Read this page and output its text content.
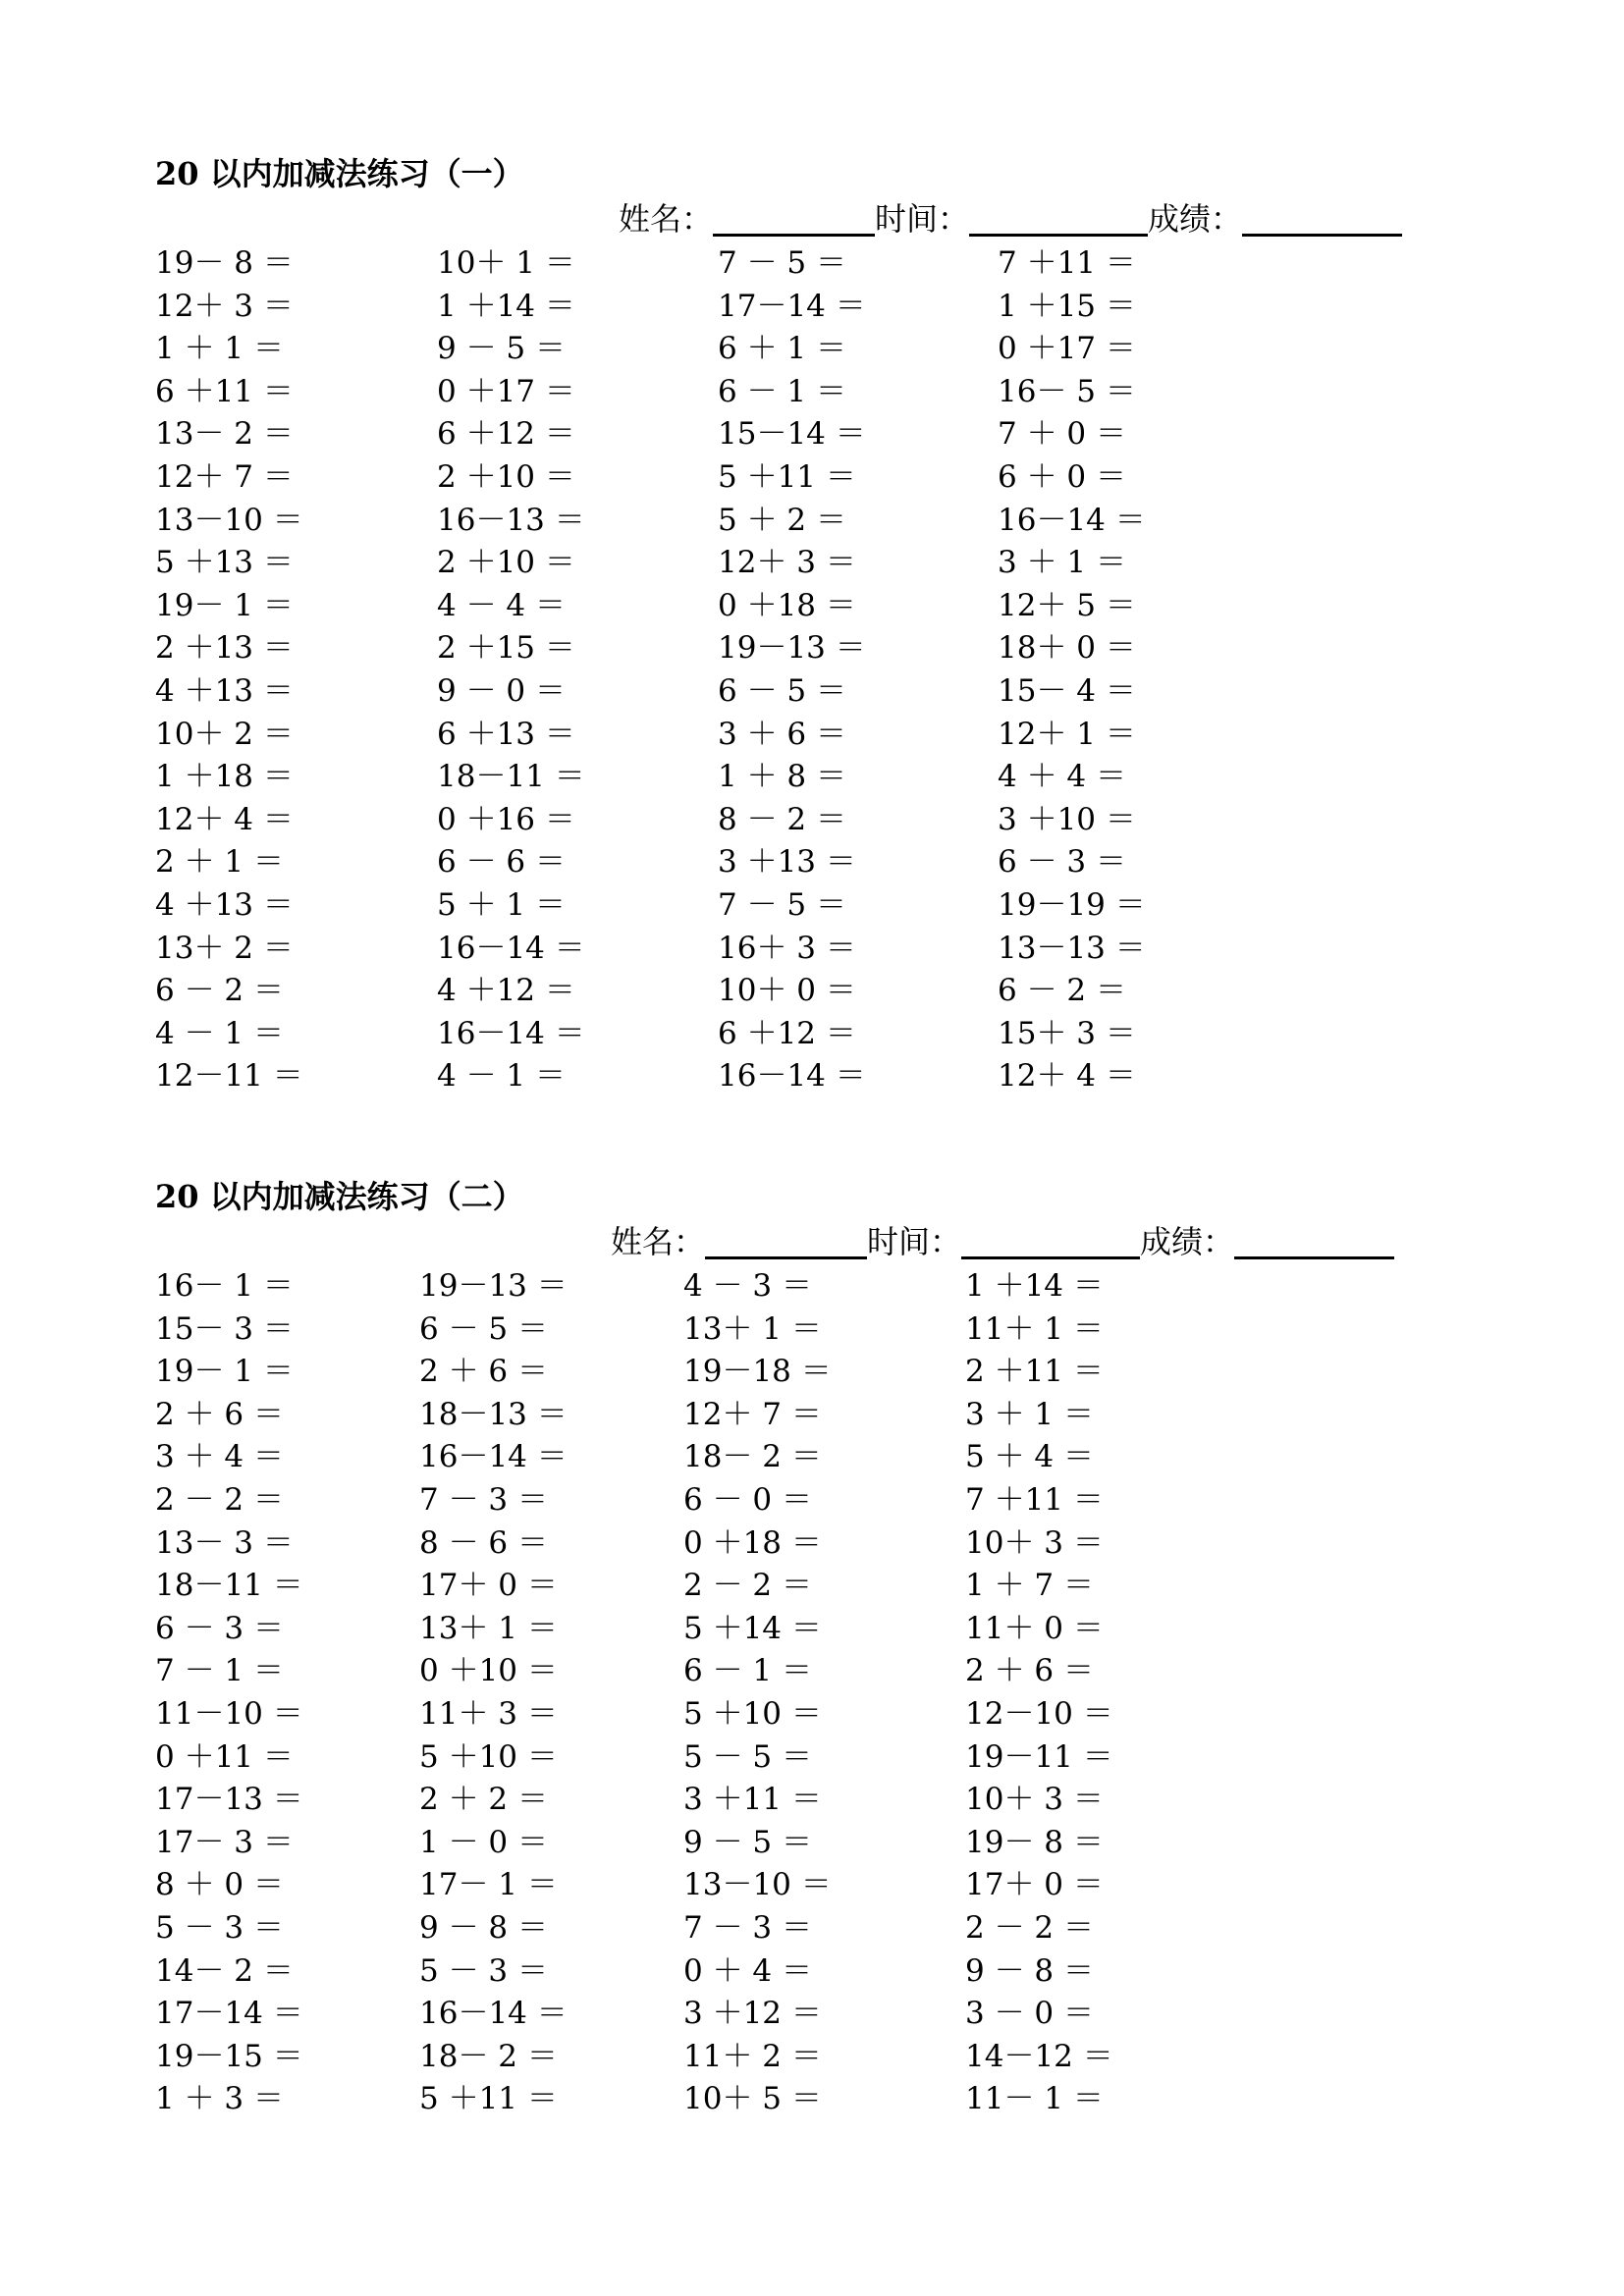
20 以内加减法练习（一）
姓名：	时间：	成绩：
19－ 8 ＝	10＋ 1 ＝	7 － 5 ＝	7 ＋11 ＝
12＋ 3 ＝	1 ＋14 ＝	17－14 ＝	1 ＋15 ＝
1 ＋ 1 ＝	9 － 5 ＝	6 ＋ 1 ＝	0 ＋17 ＝
6 ＋11 ＝	0 ＋17 ＝	6 － 1 ＝	16－ 5 ＝
13－ 2 ＝	6 ＋12 ＝	15－14 ＝	7 ＋ 0 ＝
12＋ 7 ＝	2 ＋10 ＝	5 ＋11 ＝	6 ＋ 0 ＝
13－10 ＝	16－13 ＝	5 ＋ 2 ＝	16－14 ＝
5 ＋13 ＝	2 ＋10 ＝	12＋ 3 ＝	3 ＋ 1 ＝
19－ 1 ＝	4 － 4 ＝	0 ＋18 ＝	12＋ 5 ＝
2 ＋13 ＝	2 ＋15 ＝	19－13 ＝	18＋ 0 ＝
4 ＋13 ＝	9 － 0 ＝	6 － 5 ＝	15－ 4 ＝
10＋ 2 ＝	6 ＋13 ＝	3 ＋ 6 ＝	12＋ 1 ＝
1 ＋18 ＝	18－11 ＝	1 ＋ 8 ＝	4 ＋ 4 ＝
12＋ 4 ＝	0 ＋16 ＝	8 － 2 ＝	3 ＋10 ＝
2 ＋ 1 ＝	6 － 6 ＝	3 ＋13 ＝	6 － 3 ＝
4 ＋13 ＝	5 ＋ 1 ＝	7 － 5 ＝	19－19 ＝
13＋ 2 ＝	16－14 ＝	16＋ 3 ＝	13－13 ＝
6 － 2 ＝	4 ＋12 ＝	10＋ 0 ＝	6 － 2 ＝
4 － 1 ＝	16－14 ＝	6 ＋12 ＝	15＋ 3 ＝
12－11 ＝	4 － 1 ＝	16－14 ＝	12＋ 4 ＝
20 以内加减法练习（二）
姓名：	时间：	成绩：
16－ 1 ＝	19－13 ＝	4 － 3 ＝	1 ＋14 ＝
15－ 3 ＝	6 － 5 ＝	13＋ 1 ＝	11＋ 1 ＝
19－ 1 ＝	2 ＋ 6 ＝	19－18 ＝	2 ＋11 ＝
2 ＋ 6 ＝	18－13 ＝	12＋ 7 ＝	3 ＋ 1 ＝
3 ＋ 4 ＝	16－14 ＝	18－ 2 ＝	5 ＋ 4 ＝
2 － 2 ＝	7 － 3 ＝	6 － 0 ＝	7 ＋11 ＝
13－ 3 ＝	8 － 6 ＝	0 ＋18 ＝	10＋ 3 ＝
18－11 ＝	17＋ 0 ＝	2 － 2 ＝	1 ＋ 7 ＝
6 － 3 ＝	13＋ 1 ＝	5 ＋14 ＝	11＋ 0 ＝
7 － 1 ＝	0 ＋10 ＝	6 － 1 ＝	2 ＋ 6 ＝
11－10 ＝	11＋ 3 ＝	5 ＋10 ＝	12－10 ＝
0 ＋11 ＝	5 ＋10 ＝	5 － 5 ＝	19－11 ＝
17－13 ＝	2 ＋ 2 ＝	3 ＋11 ＝	10＋ 3 ＝
17－ 3 ＝	1 － 0 ＝	9 － 5 ＝	19－ 8 ＝
8 ＋ 0 ＝	17－ 1 ＝	13－10 ＝	17＋ 0 ＝
5 － 3 ＝	9 － 8 ＝	7 － 3 ＝	2 － 2 ＝
14－ 2 ＝	5 － 3 ＝	0 ＋ 4 ＝	9 － 8 ＝
17－14 ＝	16－14 ＝	3 ＋12 ＝	3 － 0 ＝
19－15 ＝	18－ 2 ＝	11＋ 2 ＝	14－12 ＝
1 ＋ 3 ＝	5 ＋11 ＝	10＋ 5 ＝	11－ 1 ＝
